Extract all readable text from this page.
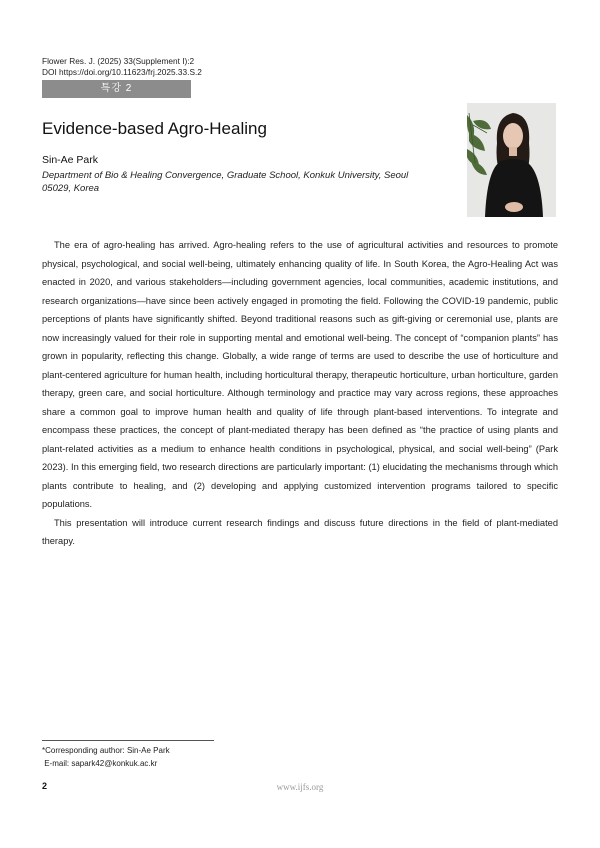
Flower Res. J. (2025) 33(Supplement I):2
DOI https://doi.org/10.11623/frj.2025.33.S.2
특강 2
Evidence-based Agro-Healing
Sin-Ae Park
Department of Bio & Healing Convergence, Graduate School, Konkuk University, Seoul 05029, Korea

The era of agro-healing has arrived. Agro-healing refers to the use of agricultural activities and resources to promote physical, psychological, and social well-being, ultimately enhancing quality of life. In South Korea, the Agro-Healing Act was enacted in 2020, and various stakeholders—including government agencies, local communities, academic institutions, and research organizations—have since been actively engaged in promoting the field. Following the COVID-19 pandemic, public perceptions of plants have significantly shifted. Beyond traditional reasons such as gift-giving or ceremonial use, plants are now increasingly valued for their role in supporting mental and emotional well-being. The concept of “companion plants” has grown in popularity, reflecting this change. Globally, a wide range of terms are used to describe the use of horticulture and plant-centered agriculture for human health, including horticultural therapy, therapeutic horticulture, urban horticulture, garden therapy, green care, and social horticulture. Although terminology and practice may vary across regions, these approaches share a common goal to improve human health and quality of life through plant-based interventions. To integrate and encompass these practices, the concept of plant-mediated therapy has been defined as “the practice of using plants and plant-related activities as a medium to enhance health conditions in psychological, physical, and social well-being” (Park 2023). In this emerging field, two research directions are particularly important: (1) elucidating the mechanisms through which plants contribute to healing, and (2) developing and applying customized intervention programs tailored to specific populations.

This presentation will introduce current research findings and discuss future directions in the field of plant-mediated therapy.

*Corresponding author: Sin-Ae Park
E-mail: sapark42@konkuk.ac.kr
2	www.ijfs.org
